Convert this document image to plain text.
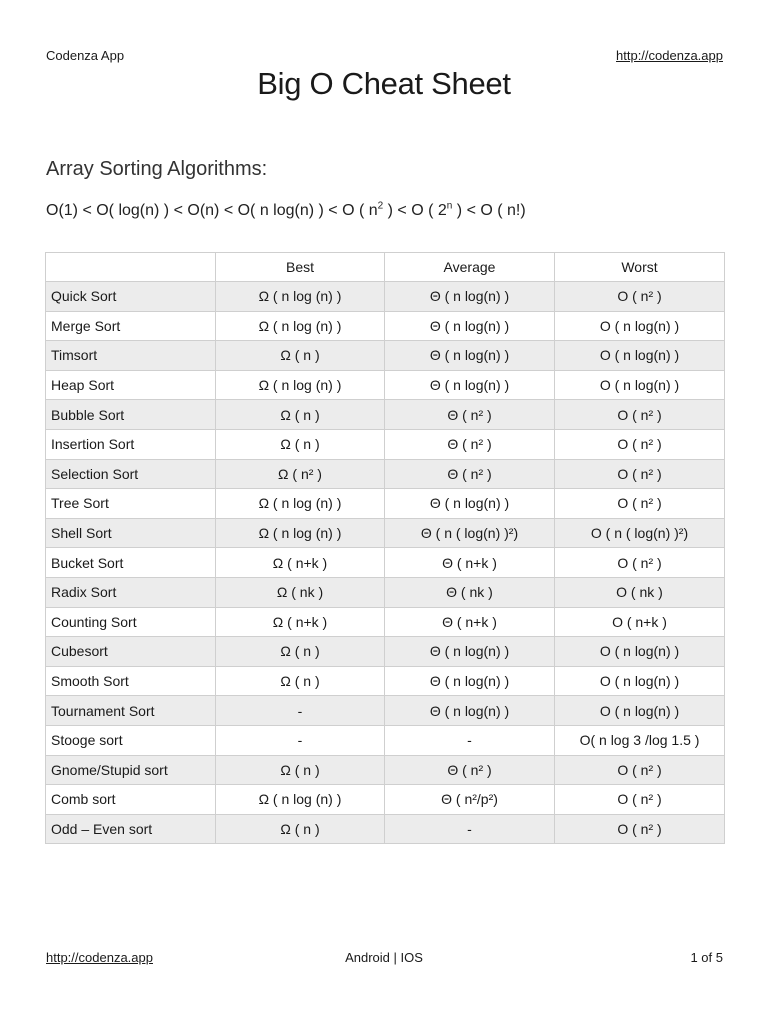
Codenza App	http://codenza.app
Big O Cheat Sheet
Array Sorting Algorithms:
O(1) < O( log(n) ) < O(n) < O( n log(n) ) < O ( $n^2$ ) < O ( 2$^n$ ) < O ( n!)
	Best	Average	Worst
Quick Sort	Ω ( n log (n) )	Θ ( n log(n) )	O ( n² )
Merge Sort	Ω ( n log (n) )	Θ ( n log(n) )	O ( n log(n) )
Timsort	Ω ( n )	Θ ( n log(n) )	O ( n log(n) )
Heap Sort	Ω ( n log (n) )	Θ ( n log(n) )	O ( n log(n) )
Bubble Sort	Ω ( n )	Θ ( n² )	O ( n² )
Insertion Sort	Ω ( n )	Θ ( n² )	O ( n² )
Selection Sort	Ω ( n² )	Θ ( n² )	O ( n² )
Tree Sort	Ω ( n log (n) )	Θ ( n log(n) )	O ( n² )
Shell Sort	Ω ( n log (n) )	Θ ( n ( log(n) )²)	O ( n ( log(n) )²)
Bucket Sort	Ω ( n+k )	Θ ( n+k )	O ( n² )
Radix Sort	Ω ( nk )	Θ ( nk )	O ( nk )
Counting Sort	Ω ( n+k )	Θ ( n+k )	O ( n+k )
Cubesort	Ω ( n )	Θ ( n log(n) )	O ( n log(n) )
Smooth Sort	Ω ( n )	Θ ( n log(n) )	O ( n log(n) )
Tournament Sort	-	Θ ( n log(n) )	O ( n log(n) )
Stooge sort	-	-	O( n log 3 /log 1.5 )
Gnome/Stupid sort	Ω ( n )	Θ ( n² )	O ( n² )
Comb sort	Ω ( n log (n) )	Θ ( n²/p²)	O ( n² )
Odd – Even sort	Ω ( n )	-	O ( n² )
http://codenza.app	Android | IOS	1 of 5
